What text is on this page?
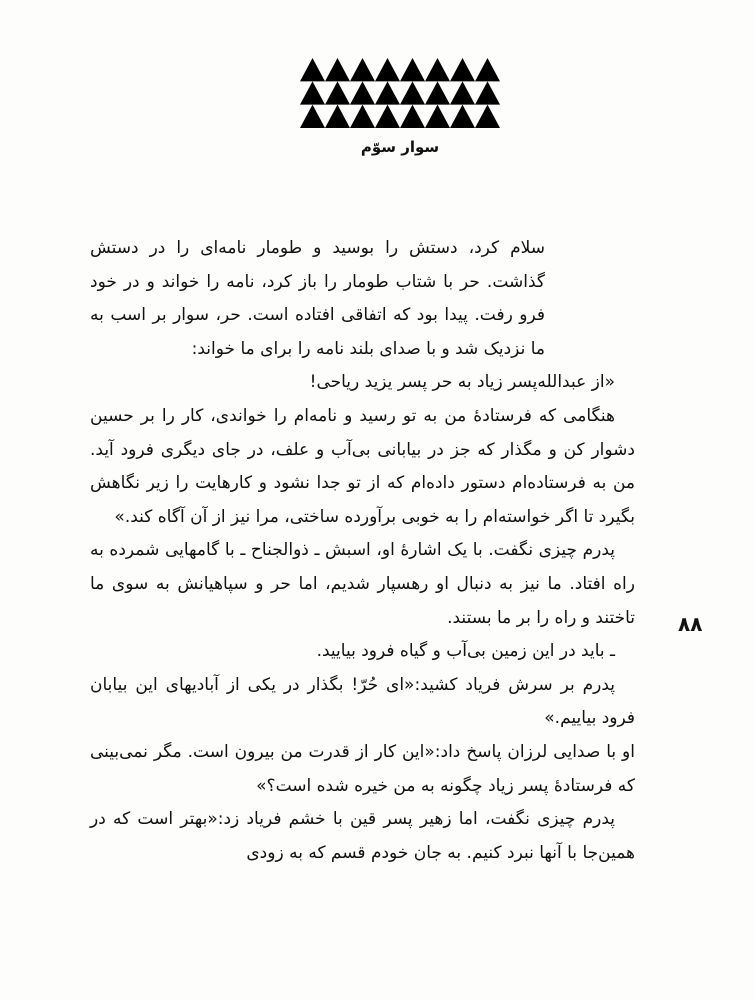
سوار سوّم

سلام کرد، دستش را بوسید و طومار نامه‌ای را در دستش گذاشت. حر با شتاب طومار را باز کرد، نامه را خواند و در خود فرو رفت. پیدا بود که اتفاقی افتاده است. حر، سوار بر اسب به ما نزدیک شد و با صدای بلند نامه را برای ما خواند:

«از عبدالله‌پسر زیاد به حر پسر یزید ریاحی!

هنگامی که فرستادهٔ من به تو رسید و نامه‌ام را خواندی، کار را بر حسین دشوار کن و مگذار که جز در بیابانی بی‌آب و علف، در جای دیگری فرود آید. من به فرستاده‌ام دستور داده‌ام که از تو جدا نشود و کارهایت را زیر نگاهش بگیرد تا اگر خواسته‌ام را به خوبی برآورده ساختی، مرا نیز از آن آگاه کند.»

پدرم چیزی نگفت. با یک اشارهٔ او، اسبش ـ ذوالجناح ـ با گامهایی شمرده به راه افتاد. ما نیز به دنبال او رهسپار شدیم، اما حر و سپاهیانش به سوی ما تاختند و راه را بر ما بستند.

ـ باید در این زمین بی‌آب و گیاه فرود بیایید.

پدرم بر سرش فریاد کشید:«ای حُرّ! بگذار در یکی از آبادیهای این بیابان فرود بیاییم.»

او با صدایی لرزان پاسخ داد:«این کار از قدرت من بیرون است. مگر نمی‌بینی که فرستادهٔ پسر زیاد چگونه به من خیره شده است؟»

پدرم چیزی نگفت، اما زهیر پسر قین با خشم فریاد زد:«بهتر است که در همین‌جا با آنها نبرد کنیم. به جان خودم قسم که به زودی

۸۸
